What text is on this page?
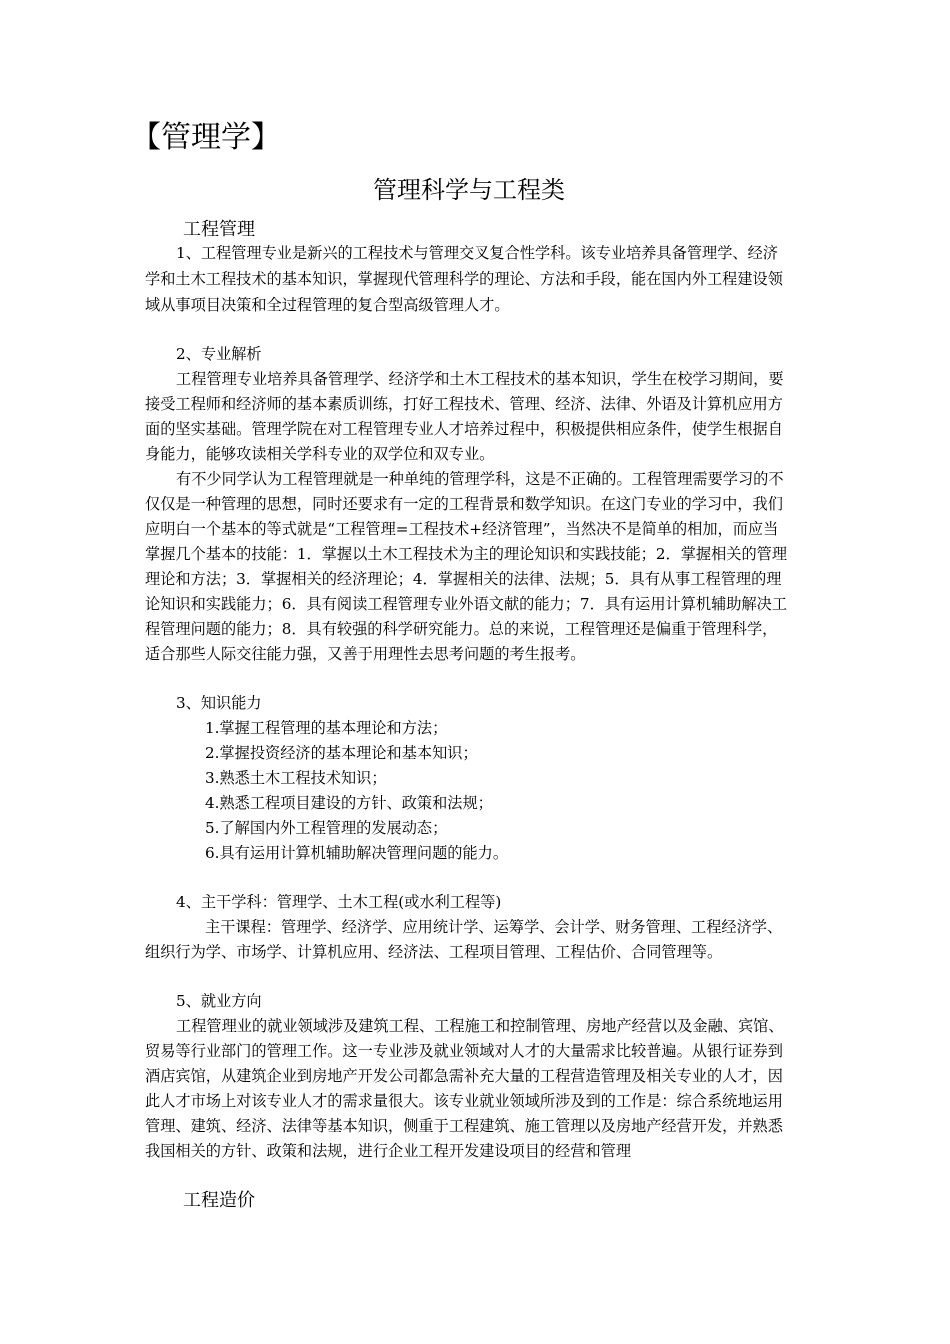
【管理学】
管理科学与工程类
工程管理
1、工程管理专业是新兴的工程技术与管理交叉复合性学科。该专业培养具备管理学、经济
学和土木工程技术的基本知识，掌握现代管理科学的理论、方法和手段，能在国内外工程建设领
域从事项目决策和全过程管理的复合型高级管理人才。
2、专业解析
工程管理专业培养具备管理学、经济学和土木工程技术的基本知识，学生在校学习期间，要
接受工程师和经济师的基本素质训练，打好工程技术、管理、经济、法律、外语及计算机应用方
面的坚实基础。管理学院在对工程管理专业人才培养过程中，积极提供相应条件，使学生根据自
身能力，能够攻读相关学科专业的双学位和双专业。
有不少同学认为工程管理就是一种单纯的管理学科，这是不正确的。工程管理需要学习的不
仅仅是一种管理的思想，同时还要求有一定的工程背景和数学知识。在这门专业的学习中，我们
应明白一个基本的等式就是“工程管理=工程技术+经济管理”，当然决不是简单的相加，而应当
掌握几个基本的技能：1．掌握以土木工程技术为主的理论知识和实践技能；2．掌握相关的管理
理论和方法；3．掌握相关的经济理论；4．掌握相关的法律、法规；5．具有从事工程管理的理
论知识和实践能力；6．具有阅读工程管理专业外语文献的能力；7．具有运用计算机辅助解决工
程管理问题的能力；8．具有较强的科学研究能力。总的来说，工程管理还是偏重于管理科学，
适合那些人际交往能力强，又善于用理性去思考问题的考生报考。
3、知识能力
1.掌握工程管理的基本理论和方法；
2.掌握投资经济的基本理论和基本知识；
3.熟悉土木工程技术知识；
4.熟悉工程项目建设的方针、政策和法规；
5.了解国内外工程管理的发展动态；
6.具有运用计算机辅助解决管理问题的能力。
4、主干学科：管理学、土木工程(或水利工程等)
主干课程：管理学、经济学、应用统计学、运筹学、会计学、财务管理、工程经济学、
组织行为学、市场学、计算机应用、经济法、工程项目管理、工程估价、合同管理等。
5、就业方向
工程管理业的就业领域涉及建筑工程、工程施工和控制管理、房地产经营以及金融、宾馆、
贸易等行业部门的管理工作。这一专业涉及就业领域对人才的大量需求比较普遍。从银行证券到
酒店宾馆，从建筑企业到房地产开发公司都急需补充大量的工程营造管理及相关专业的人才，因
此人才市场上对该专业人才的需求量很大。该专业就业领域所涉及到的工作是：综合系统地运用
管理、建筑、经济、法律等基本知识，侧重于工程建筑、施工管理以及房地产经营开发，并熟悉
我国相关的方针、政策和法规，进行企业工程开发建设项目的经营和管理
工程造价
